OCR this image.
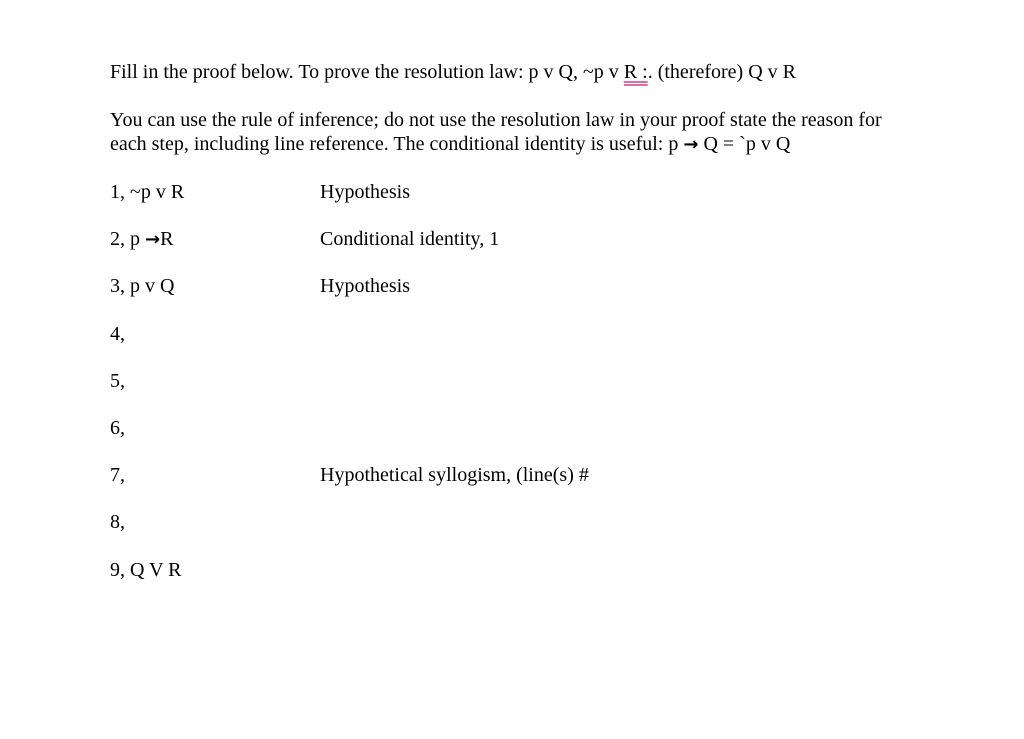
Fill in the proof below. To prove the resolution law: p v Q, ~p v R :. (therefore) Q v R
You can use the rule of inference; do not use the resolution law in your proof state the reason for
each step, including line reference. The conditional identity is useful: p → Q = `p v Q
1, ~p v R	Hypothesis
2, p →R	Conditional identity, 1
3, p v Q	Hypothesis
4,
5,
6,
7,	Hypothetical syllogism, (line(s) #
8,
9, Q V R
